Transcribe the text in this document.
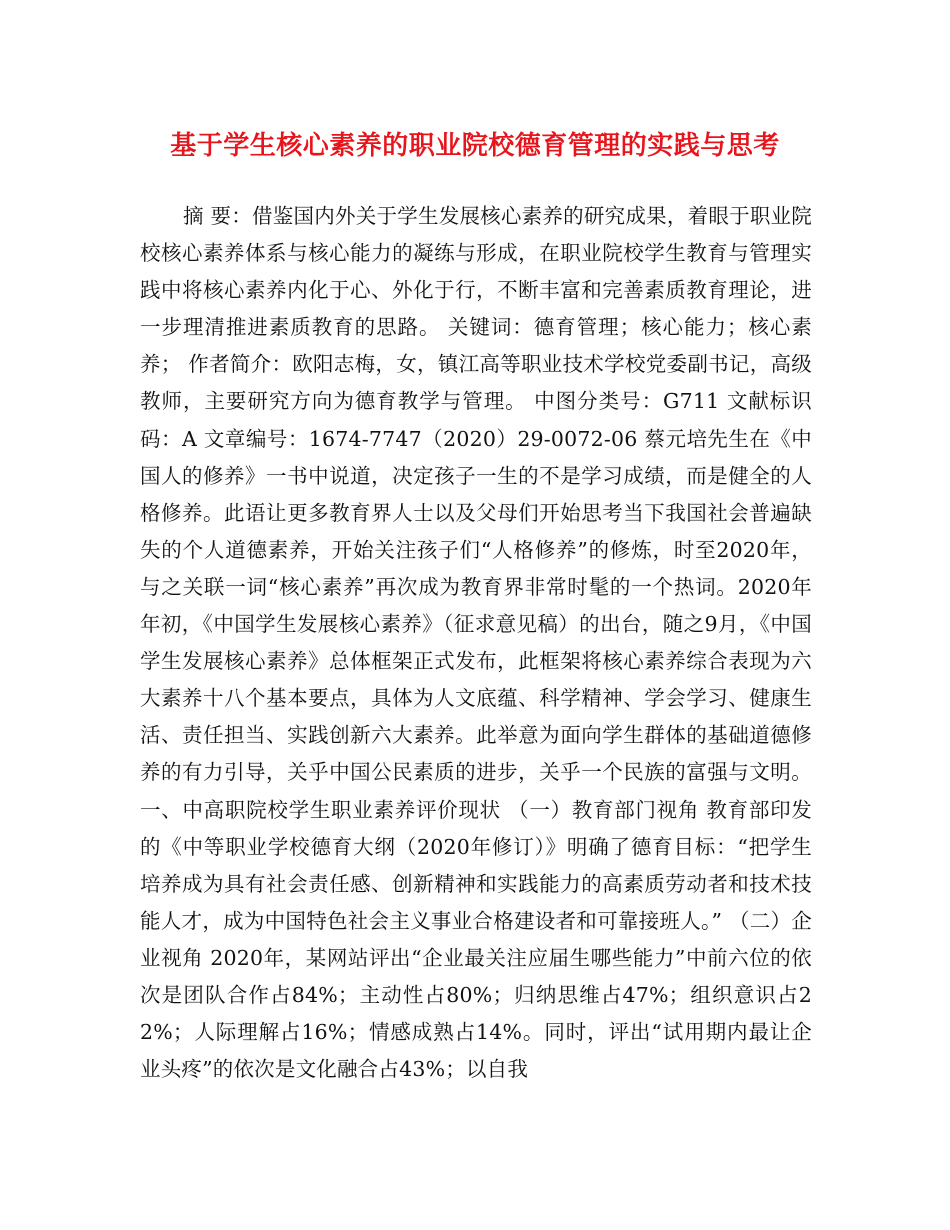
基于学生核心素养的职业院校德育管理的实践与思考

摘 要：借鉴国内外关于学生发展核心素养的研究成果，着眼于职业院校核心素养体系与核心能力的凝练与形成，在职业院校学生教育与管理实践中将核心素养内化于心、外化于行，不断丰富和完善素质教育理论，进一步理清推进素质教育的思路。 关键词：德育管理；核心能力；核心素养； 作者简介：欧阳志梅，女，镇江高等职业技术学校党委副书记，高级教师，主要研究方向为德育教学与管理。 中图分类号：G711 文献标识码：A 文章编号：1674-7747（2020）29-0072-06 蔡元培先生在《中国人的修养》一书中说道，决定孩子一生的不是学习成绩，而是健全的人格修养。此语让更多教育界人士以及父母们开始思考当下我国社会普遍缺失的个人道德素养，开始关注孩子们“人格修养”的修炼，时至2020年，与之关联一词“核心素养”再次成为教育界非常时髦的一个热词。2020年年初，《中国学生发展核心素养》（征求意见稿）的出台，随之9月，《中国学生发展核心素养》总体框架正式发布，此框架将核心素养综合表现为六大素养十八个基本要点，具体为人文底蕴、科学精神、学会学习、健康生活、责任担当、实践创新六大素养。此举意为面向学生群体的基础道德修养的有力引导，关乎中国公民素质的进步，关乎一个民族的富强与文明。 一、中高职院校学生职业素养评价现状 （一）教育部门视角 教育部印发的《中等职业学校德育大纲（2020年修订）》明确了德育目标：“把学生培养成为具有社会责任感、创新精神和实践能力的高素质劳动者和技术技能人才，成为中国特色社会主义事业合格建设者和可靠接班人。” （二）企业视角 2020年，某网站评出“企业最关注应届生哪些能力”中前六位的依次是团队合作占84%；主动性占80%；归纳思维占47%；组织意识占22%；人际理解占16%；情感成熟占14%。同时，评出“试用期内最让企业头疼”的依次是文化融合占43%；以自我
